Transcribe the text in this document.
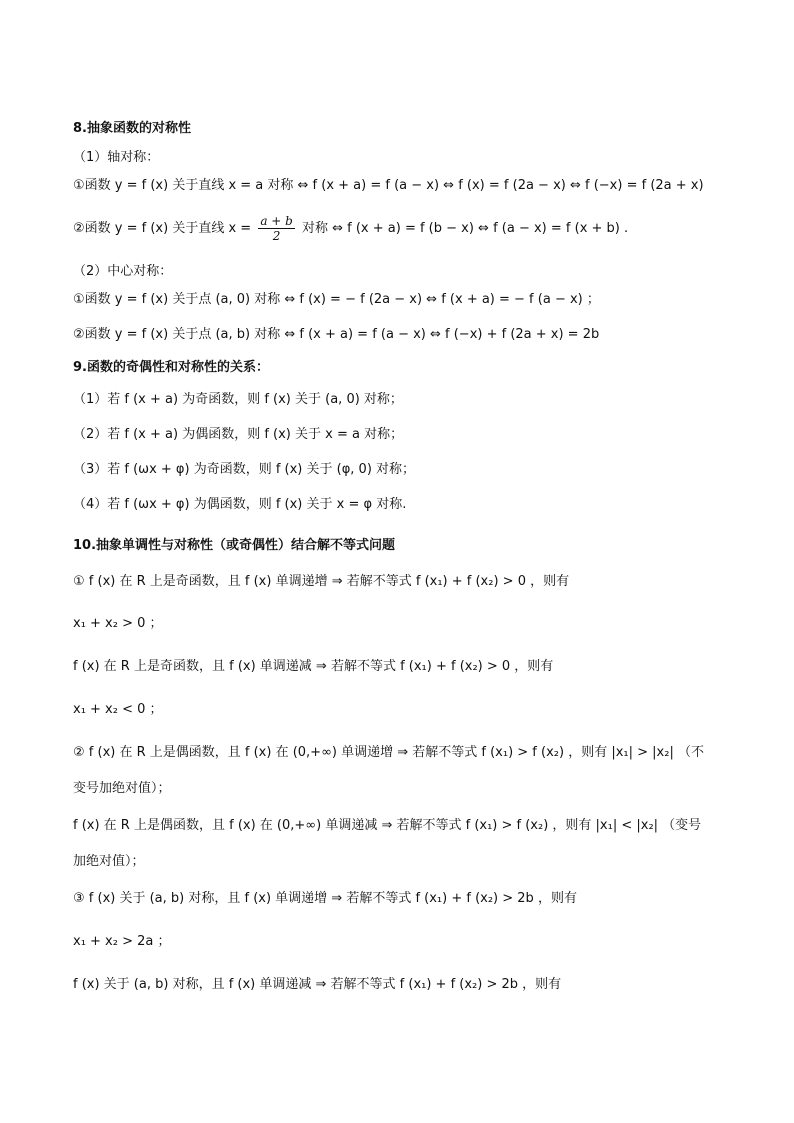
8.抽象函数的对称性
（1）轴对称：
①函数 y = f (x) 关于直线 x = a 对称 ⇔ f (x + a) = f (a − x) ⇔ f (x) = f (2a − x) ⇔ f (−x) = f (2a + x)
②函数 y = f (x) 关于直线 $x = \frac{a + b}{2}$ 对称 ⇔ f (x + a) = f (b − x) ⇔ f (a − x) = f (x + b) .
（2）中心对称：
①函数 y = f (x) 关于点 (a, 0) 对称 ⇔ f (x) = − f (2a − x) ⇔ f (x + a) = − f (a − x) ；
②函数 y = f (x) 关于点 (a, b) 对称 ⇔ f (x + a) = f (a − x) ⇔ f (−x) + f (2a + x) = 2b
9.函数的奇偶性和对称性的关系：
（1）若 f (x + a) 为奇函数，则 f (x) 关于 (a, 0) 对称；
（2）若 f (x + a) 为偶函数，则 f (x) 关于 x = a 对称；
（3）若 f (ωx + φ) 为奇函数，则 f (x) 关于 (φ, 0) 对称；
（4）若 f (ωx + φ) 为偶函数，则 f (x) 关于 x = φ 对称.
10.抽象单调性与对称性（或奇偶性）结合解不等式问题
① f (x) 在 R 上是奇函数，且 f (x) 单调递增 ⇒ 若解不等式 f (x₁) + f (x₂) > 0 ，则有
x₁ + x₂ > 0 ；
f (x) 在 R 上是奇函数，且 f (x) 单调递减 ⇒ 若解不等式 f (x₁) + f (x₂) > 0 ，则有
x₁ + x₂ < 0 ；
② f (x) 在 R 上是偶函数，且 f (x) 在 (0,+∞) 单调递增 ⇒ 若解不等式 f (x₁) > f (x₂) ，则有 |x₁| > |x₂| （不
变号加绝对值）；
f (x) 在 R 上是偶函数，且 f (x) 在 (0,+∞) 单调递减 ⇒ 若解不等式 f (x₁) > f (x₂) ，则有 |x₁| < |x₂| （变号
加绝对值）；
③ f (x) 关于 (a, b) 对称，且 f (x) 单调递增 ⇒ 若解不等式 f (x₁) + f (x₂) > 2b ，则有
x₁ + x₂ > 2a ；
f (x) 关于 (a, b) 对称，且 f (x) 单调递减 ⇒ 若解不等式 f (x₁) + f (x₂) > 2b ，则有
